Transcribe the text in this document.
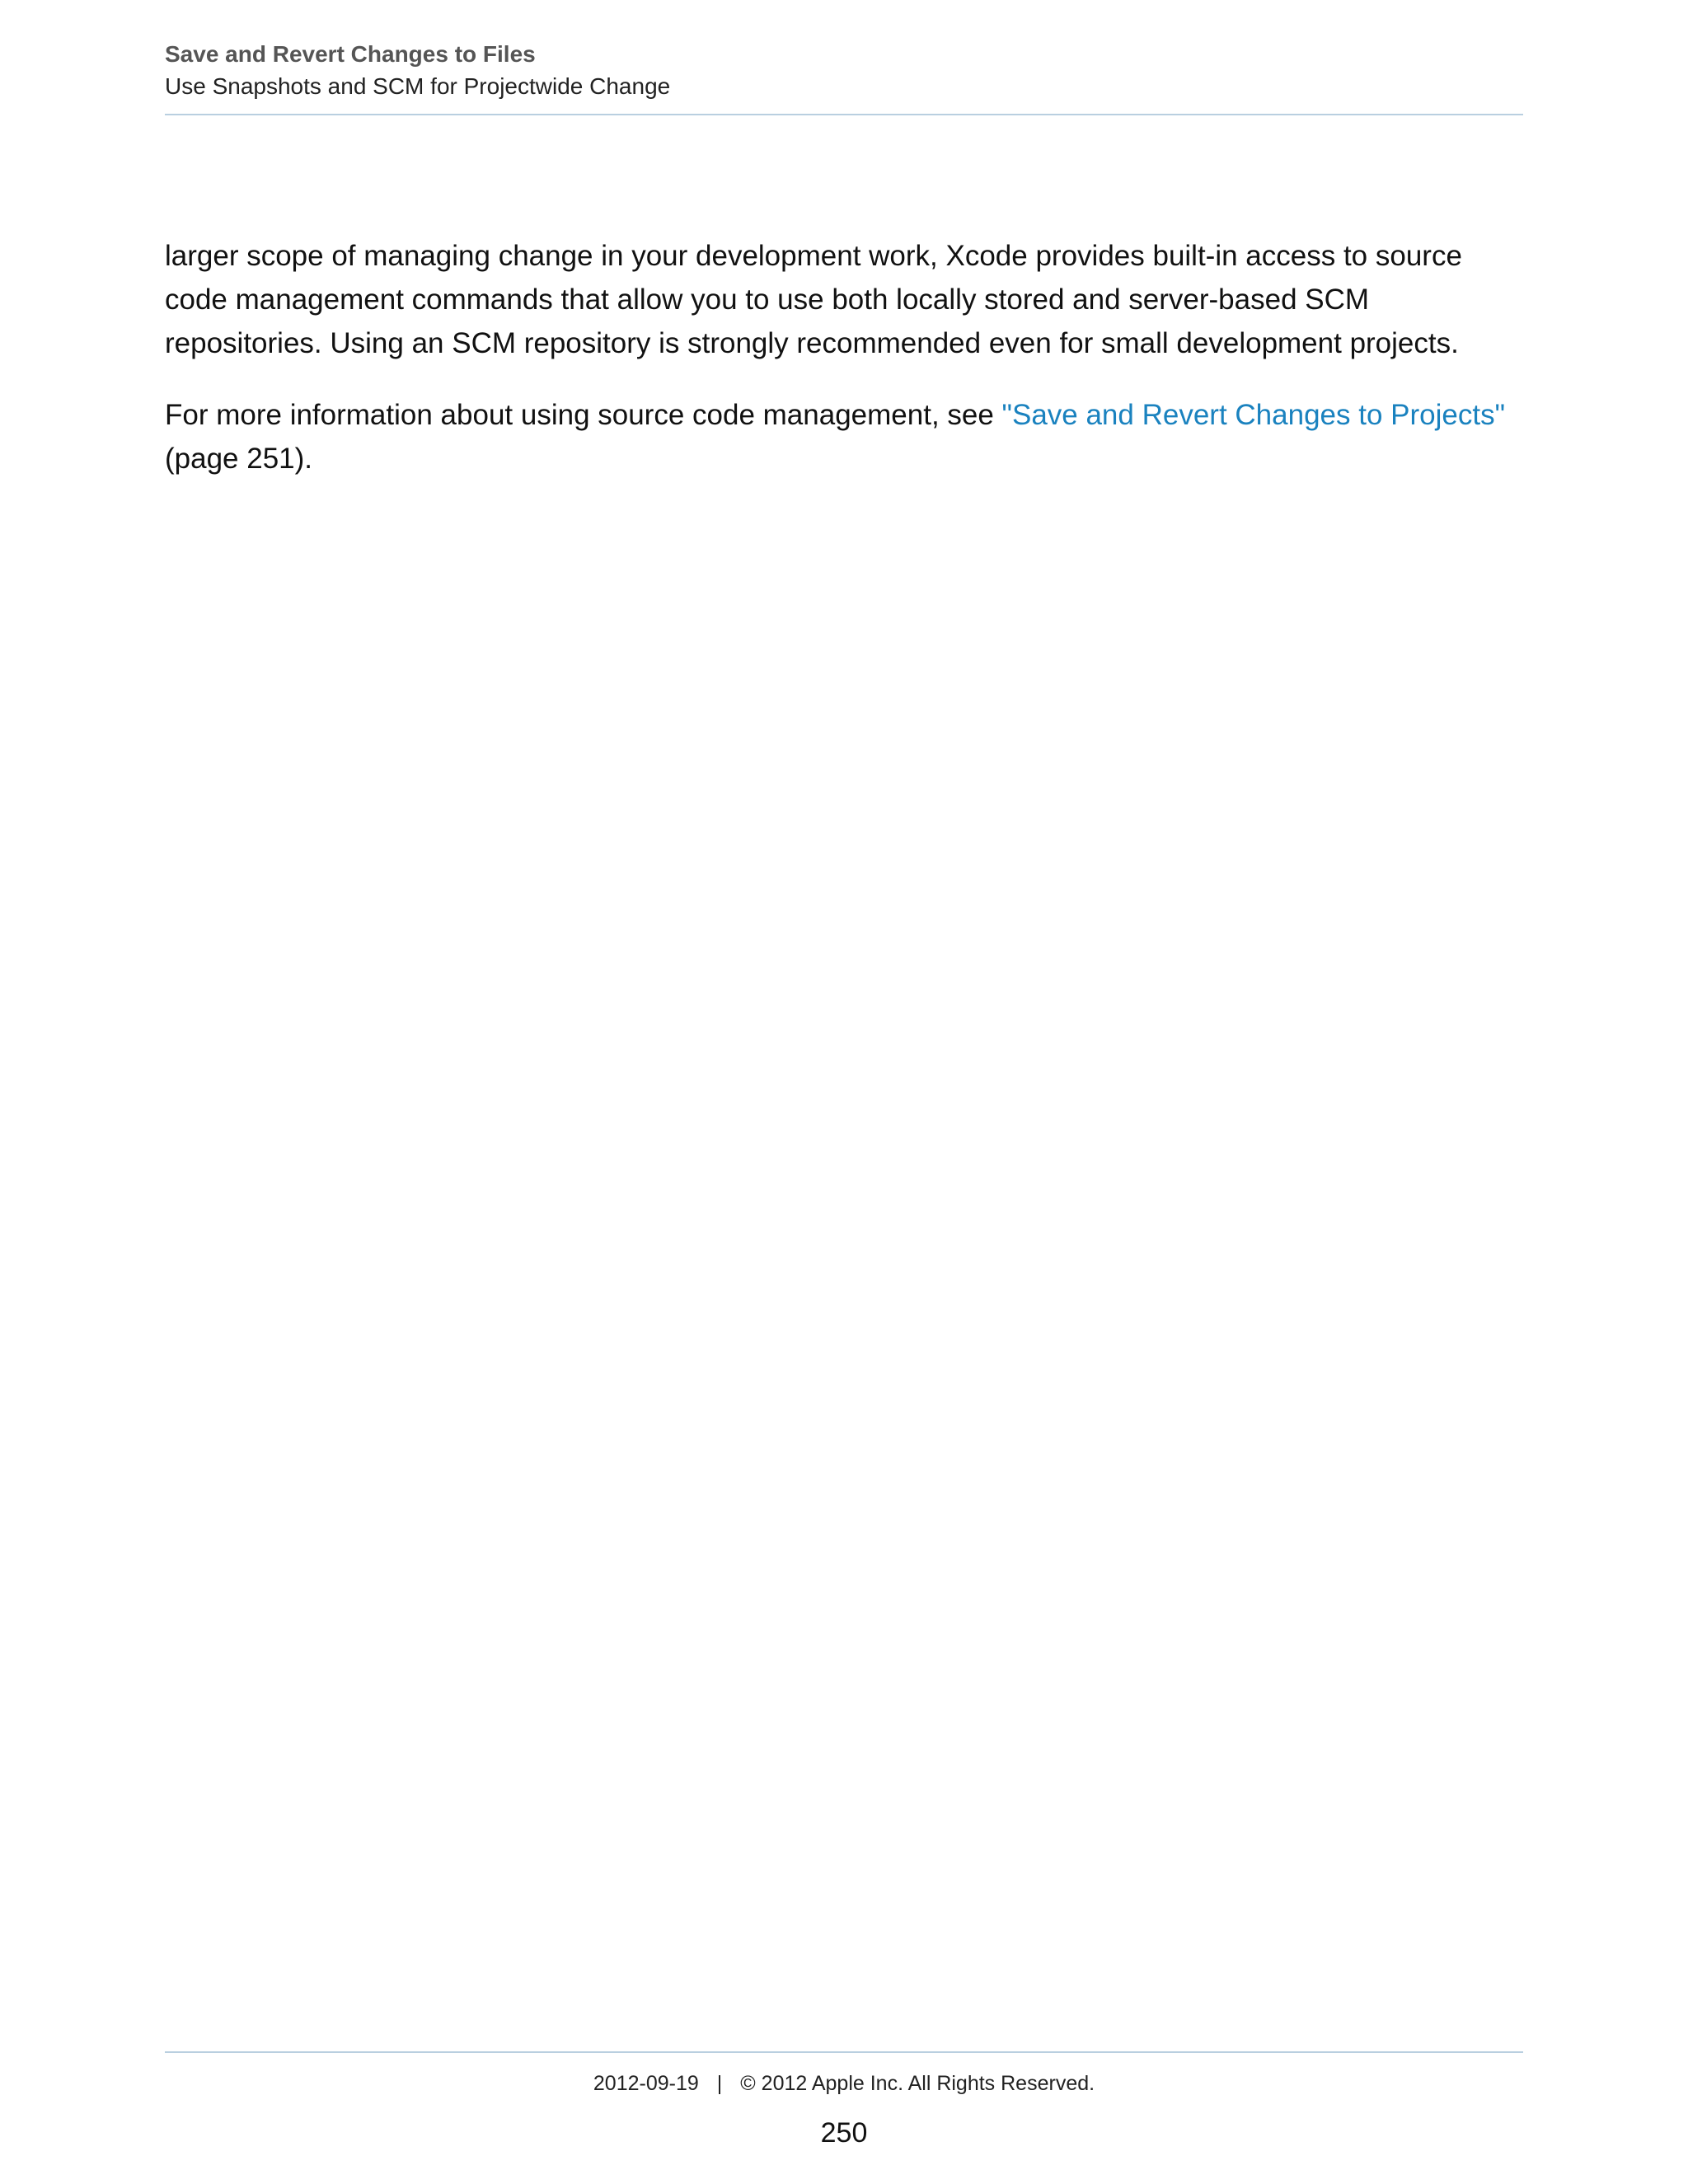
Save and Revert Changes to Files

Use Snapshots and SCM for Projectwide Change

larger scope of managing change in your development work, Xcode provides built-in access to source code management commands that allow you to use both locally stored and server-based SCM repositories. Using an SCM repository is strongly recommended even for small development projects.

For more information about using source code management, see "Save and Revert Changes to Projects" (page 251).

2012-09-19 | © 2012 Apple Inc. All Rights Reserved.
250
